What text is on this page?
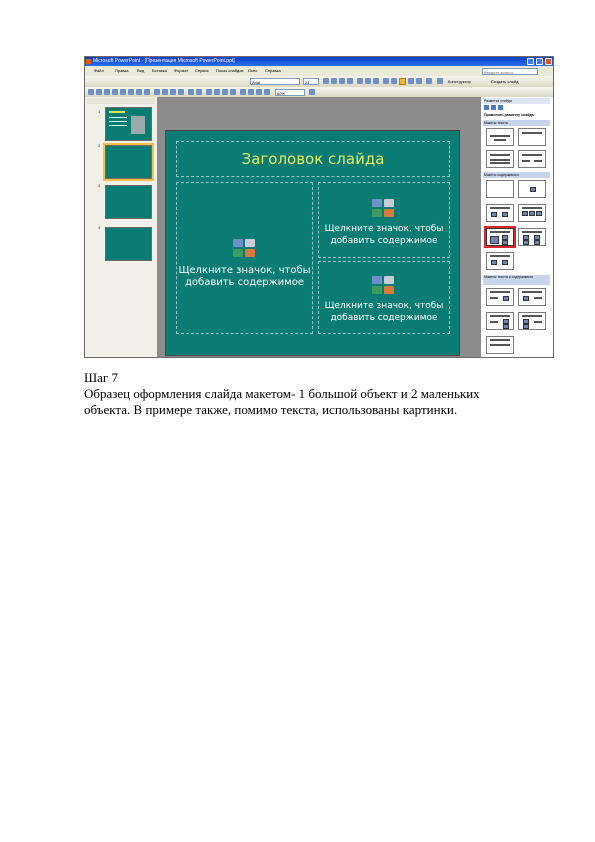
Microsoft PowerPoint - [Презентация Microsoft PowerPoint.ppt]
Файл	Правка Вид Вставка Формат Сервис Показ слайдов Окно Справка	Введите вопрос
Arial	24	Конструктор	Создать слайд
60%
1
2
3
4
Заголовок слайда
Щелкните значок, чтобы добавить содержимое
Щелкните значок, чтобы добавить содержимое
Щелкните значок, чтобы добавить содержимое
Разметка слайда
Применить разметку слайда:
Макеты текста
Макеты содержимого
Макеты текста и содержимого
Шаг 7
Образец оформления слайда макетом- 1 большой объект и 2 маленьких
объекта. В примере также, помимо текста, использованы картинки.
